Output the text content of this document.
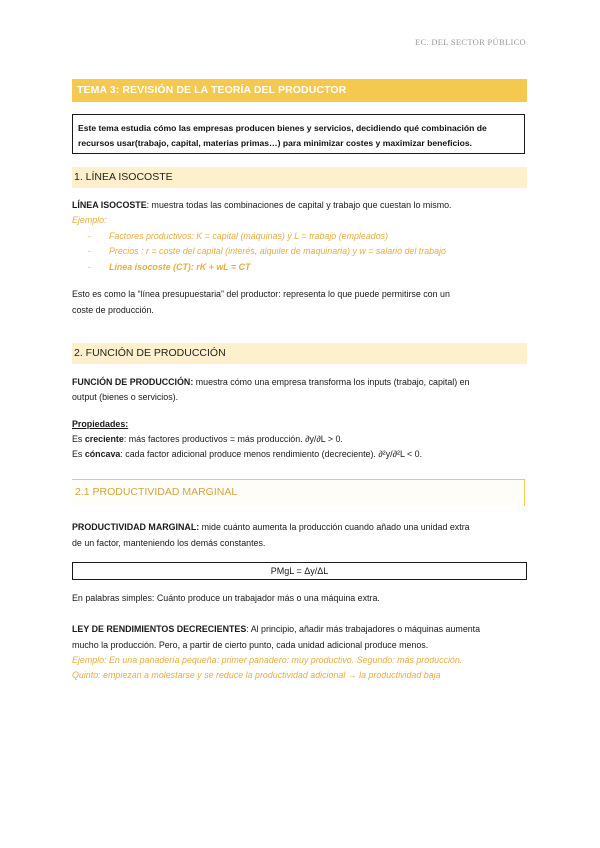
EC. DEL SECTOR PÚBLICO
TEMA 3: REVISIÓN DE LA TEORÍA DEL PRODUCTOR

Este tema estudia cómo las empresas producen bienes y servicios, decidiendo qué combinación de
recursos usar(trabajo, capital, materias primas…) para minimizar costes y maximizar beneficios.

1. LÍNEA ISOCOSTE
LÍNEA ISOCOSTE: muestra todas las combinaciones de capital y trabajo que cuestan lo mismo.
Ejemplo:
- Factores productivos: K = capital (máquinas) y L = trabajo (empleados)
- Precios : r = coste del capital (interés, alquiler de maquinaria) y w = salario del trabajo
- Línea isocoste (CT): rK + wL = CT
Esto es como la “línea presupuestaria” del productor: representa lo que puede permitirse con un
coste de producción.
2. FUNCIÓN DE PRODUCCIÓN
FUNCIÓN DE PRODUCCIÓN: muestra cómo una empresa transforma los inputs (trabajo, capital) en
output (bienes o servicios).
Propiedades:
Es creciente: más factores productivos = más producción. ∂y/∂L > 0.
Es cóncava: cada factor adicional produce menos rendimiento (decreciente). ∂²y/∂²L < 0.
2.1 PRODUCTIVIDAD MARGINAL
PRODUCTIVIDAD MARGINAL: mide cuánto aumenta la producción cuando añado una unidad extra
de un factor, manteniendo los demás constantes.
PMgL = Δy/ΔL
En palabras simples: Cuánto produce un trabajador más o una máquina extra.
LEY DE RENDIMIENTOS DECRECIENTES: Al principio, añadir más trabajadores o máquinas aumenta
mucho la producción. Pero, a partir de cierto punto, cada unidad adicional produce menos.
Ejemplo: En una panadería pequeña: primer panadero: muy productivo. Segundo: más producción.
Quinto: empiezan a molestarse y se reduce la productividad adicional → la productividad baja
